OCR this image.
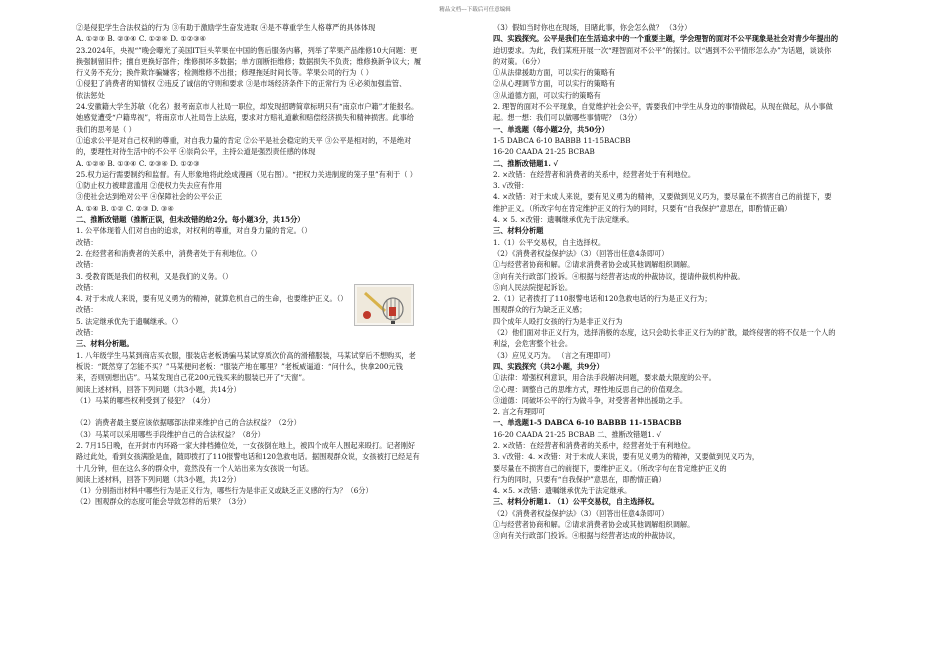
精品文档---下载后可任意编辑
②是侵犯学生合法权益的行为 ③有助于激励学生奋发进取 ④是不尊重学生人格尊严的具体体现
A. ①②③ B. ②③④ C. ①②④ D. ①②③④
23.2024年，央视“”晚会曝光了美国IT巨头苹果在中国的售后服务内幕，列举了苹果产品维修10大问题：更
换强制留旧件；擅自更换好部件；维修损坏多数据；单方面断拒维修；数据损失不负责；维修换新争议大；履
行义务不充分；换件欺诈骗嫌客；检测维修不出报；修理拖延时间长等。苹果公司的行为（ ）
①侵犯了消费者的知情权 ②违反了诚信的守则和要求 ③是市场经济条件下的正常行为 ④必须加强监管、
依法惩处
24.安徽籍大学生苏敏（化名）报考南京市人社局一职位，却发现招聘简章标明只有“南京市户籍”才能报名。
她感觉遭受“户籍卑视”，将南京市人社局告上法庭，要求对方赔礼道歉和赔偿经济损失和精神损害。此事给
我们的思考是（ ）
①追求公平是对自己权利的尊重，对自我力量的肯定 ②公平是社会稳定的天平 ③公平是相对的，不是绝对
的，要理性对待生活中的不公平 ④崇尚公平，主持公道是强烈责任感的体现
A. ①②④ B. ①③④ C. ②③④ D. ①②③
25.权力运行需要制约和监督。有人形象地将此绘成漫画（见右图）。“把权力关进制度的笼子里”有利于（ ）
①防止权力被肆意滥用 ②使权力失去应有作用
③使社会达到绝对公平 ④保障社会的公平公正
A. ①④ B. ①② C. ②③ D. ③④
二、推断改错题（推断正误，但未改错的给2分。每小题3分，共15分）
1. 公平体现着人们对自由的追求，对权利的尊重，对自身力量的肯定。（）
改错：
2. 在经营者和消费者的关系中，消费者处于有利地位。（）
改错：
3. 受教育既是我们的权利，又是我们的义务。（）
改错：
4. 对于未成人来说，要有见义勇为的精神，就算危机自己的生命，也要维护正义。（）
改错：
5. 法定继承优先于遗嘱继承。（）
改错：
三、材料分析题。
1. 八年级学生马某到商店买衣服，服装店老板诱骗马某试穿质次价高的滑稽服装，马某试穿后不想购买，老
板说：“既然穿了怎能不买？”马某便问老板：“服装产地在哪里？”老板威逼道：“问什么，快拿200元钱
来，否则别想出店”。马某发现自己花200元钱买来的服装已开了“天窗”。
阅读上述材料，回答下列问题（共3小题，共14分）
（1）马某的哪些权利受到了侵犯？（4分）
（2）消费者最主要应该依据哪部法律来维护自己的合法权益？（2分）
（3）马某可以采用哪些手段维护自己的合法权益？（8分）
2. 7月15日晚，在开封市内环路一家大排档摊位处，一女孩倒在地上，被四个成年人围起来殴打。记者刚好
路过此处，看到女孩满脸是血，随即拨打了110报警电话和120急救电话。据围观群众说，女孩被打已经足有
十几分钟，但在这么多的群众中，竟然没有一个人站出来为女孩说一句话。
阅读上述材料，回答下列问题（共3小题，共12分）
（1）分别指出材料中哪些行为是正义行为，哪些行为是非正义或缺乏正义感的行为？（6分）
（2）围观群众的态度可能会导致怎样的后果？（3分）
（3）假如当时你也在现场，目睹此事，你会怎么做？ （3分）
四、实践探究。公平是我们在生活追求中的一个重要主题，学会理智的面对不公平现象是社会对青少年提出的
迫切要求。为此，我们某班开展一次“理智面对不公平”的探讨。以“遇到不公平情形怎么办”为话题，谈谈你
的对策。（6分）
①从法律援助方面，可以实行的策略有
②从心理调节方面，可以实行的策略有
③从道德方面，可以实行的策略有
2. 理智的面对不公平现象，自觉维护社会公平，需要我们中学生从身边的事情做起，从现在做起，从小事做
起。想一想：我们可以做哪些事情呢？（3分）
一、单选题（每小题2分，共50分）
1-5 DABCA 6-10 BABBB 11-15BACBB
16-20 CAADA 21-25 BCBAB
二、推断改错题1. √
2. ×改错：在经营者和消费者的关系中，经营者处于有利地位。
3. √改错：
4. ×改错：对于未成人来说，要有见义勇为的精神，又要做到见义巧为，要尽量在不损害自己的前提下，要
维护正义。（所改字句在肯定维护正义的行为的同时，只要有“自我保护”意思在，即酌情正确）
4. × 5. ×改错：遗嘱继承优先于法定继承。
三、材料分析题
1.（1）公平交易权，自主选择权。
（2）《消费者权益保护法》（3）（回答出任意4条即可）
①与经营者协商和解。②请求消费者协会或其他调解组织调解。
③向有关行政部门投诉。④根据与经营者达成的仲裁协议，提请仲裁机构仲裁。
⑤向人民法院提起诉讼。
2.（1）记者拨打了110报警电话和120急救电话的行为是正义行为；
围观群众的行为缺乏正义感；
四个成年人殴打女孩的行为是非正义行为
（2）他们面对非正义行为，选择消极的态度，这只会助长非正义行为的扩散，最终侵害的将不仅是一个人的
利益，会危害整个社会。
（3）应见义巧为。 （言之有理即可）
四、实践探究（共2小题，共9分）
①法律：增强权利意识，用合法手段解决问题，要求最大限度的公平。
②心理：调整自己的思维方式，理性地反思自己的价值观念。
③道德：同破坏公平的行为做斗争，对受害者伸出援助之手。
2. 言之有理即可
一、单选题1-5 DABCA 6-10 BABBB 11-15BACBB
16-20 CAADA 21-25 BCBAB 二、推断改错题1. √
2. ×改错：在经营者和消费者的关系中，经营者处于有利地位。
3. √改错：4. ×改错：对于未成人来说，要有见义勇为的精神，又要做到见义巧为，
要尽量在不损害自己的前提下，要维护正义。（所改字句在肯定维护正义的
行为的同时，只要有“自我保护”意思在，即酌情正确）
4. ×5. ×改错：遗嘱继承优先于法定继承。
三、材料分析题1. （1）公平交易权，自主选择权。
（2）《消费者权益保护法》（3）（回答出任意4条即可）
①与经营者协商和解。②请求消费者协会或其他调解组织调解。
③向有关行政部门投诉。④根据与经营者达成的仲裁协议，
